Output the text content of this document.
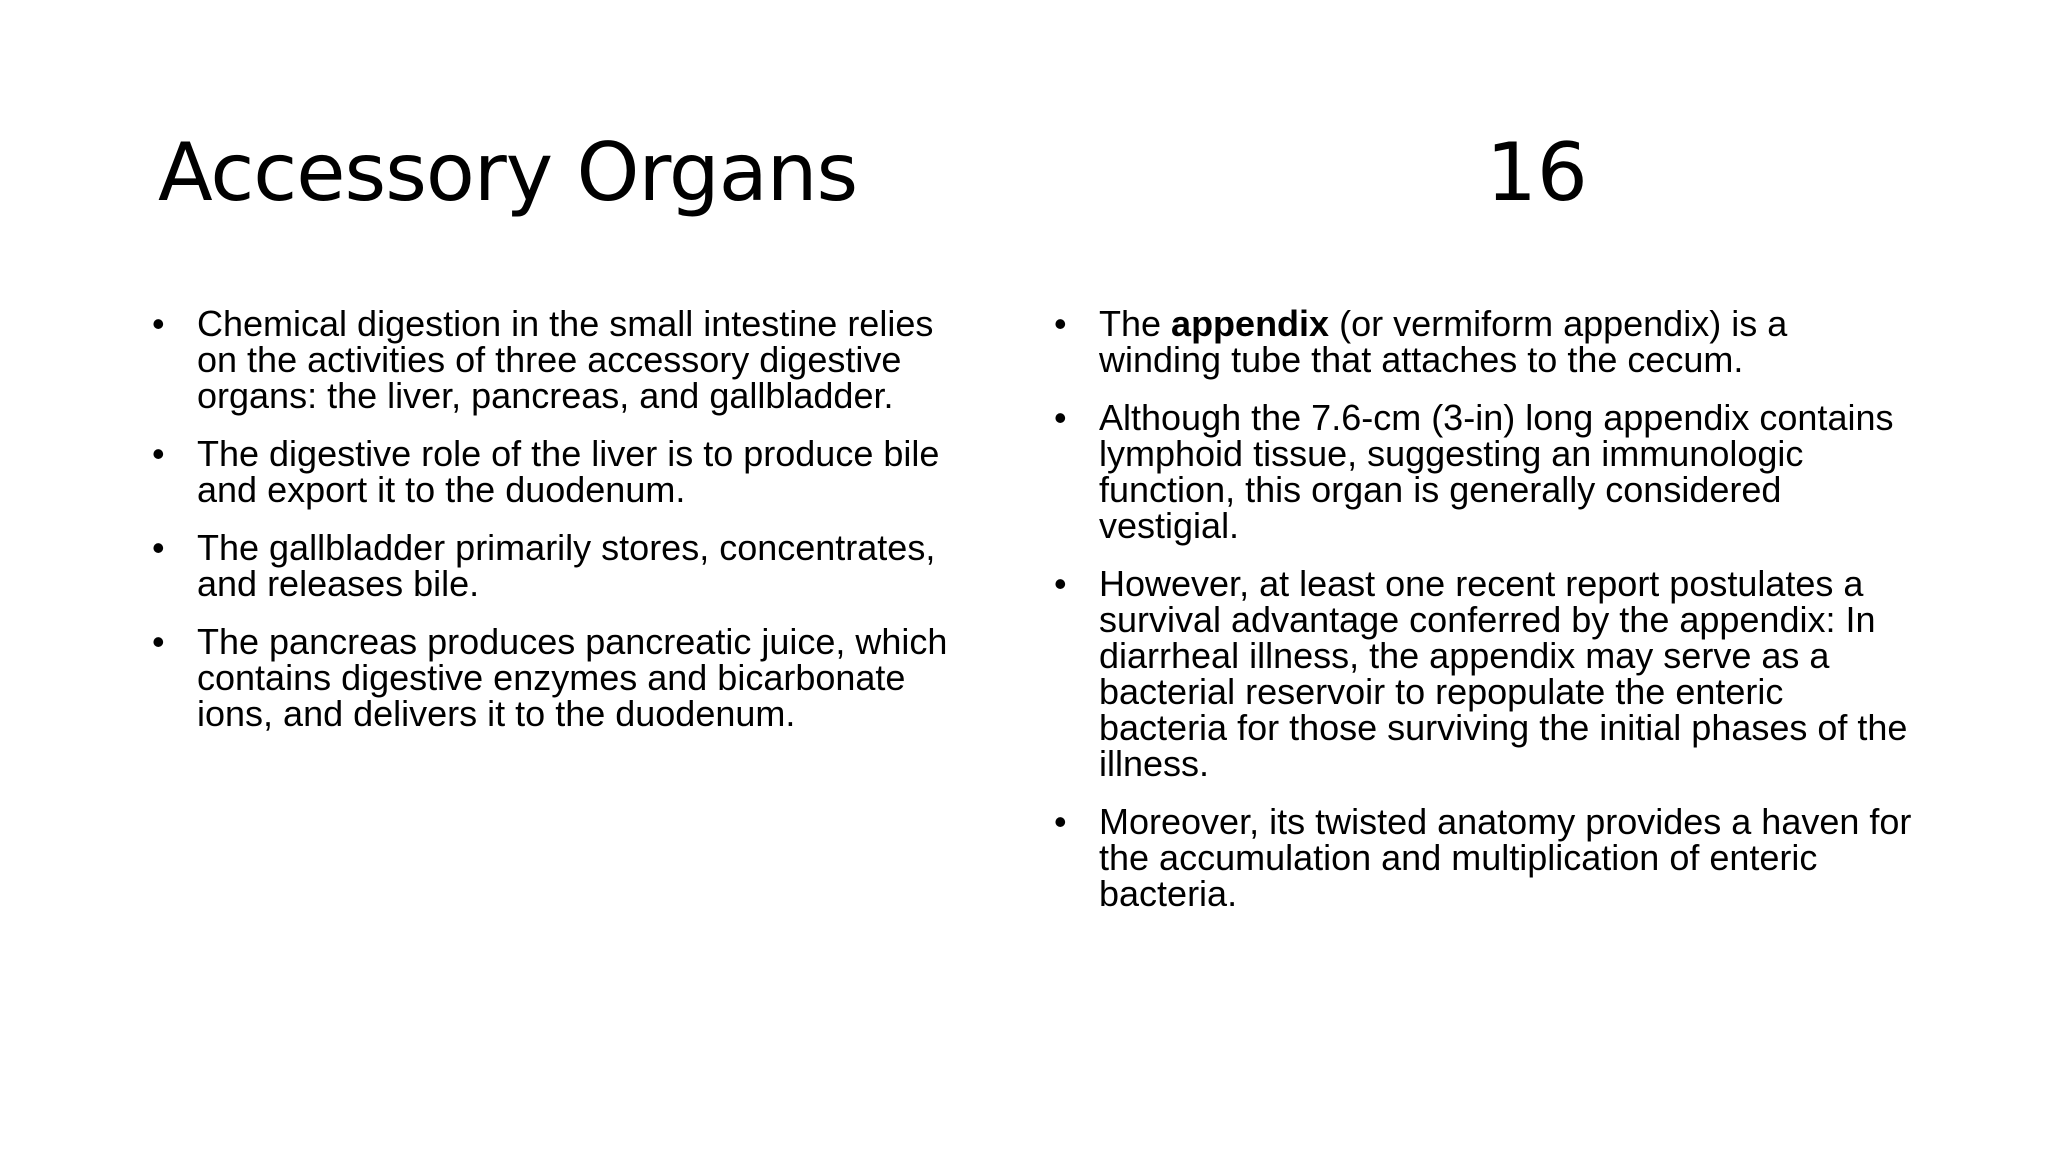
Accessory Organs	16
• Chemical digestion in the small intestine relies on the activities of three accessory digestive organs: the liver, pancreas, and gallbladder.
• The digestive role of the liver is to produce bile and export it to the duodenum.
• The gallbladder primarily stores, concentrates, and releases bile.
• The pancreas produces pancreatic juice, which contains digestive enzymes and bicarbonate ions, and delivers it to the duodenum.
• The appendix (or vermiform appendix) is a winding tube that attaches to the cecum.
• Although the 7.6-cm (3-in) long appendix contains lymphoid tissue, suggesting an immunologic function, this organ is generally considered vestigial.
• However, at least one recent report postulates a survival advantage conferred by the appendix: In diarrheal illness, the appendix may serve as a bacterial reservoir to repopulate the enteric bacteria for those surviving the initial phases of the illness.
• Moreover, its twisted anatomy provides a haven for the accumulation and multiplication of enteric bacteria.
